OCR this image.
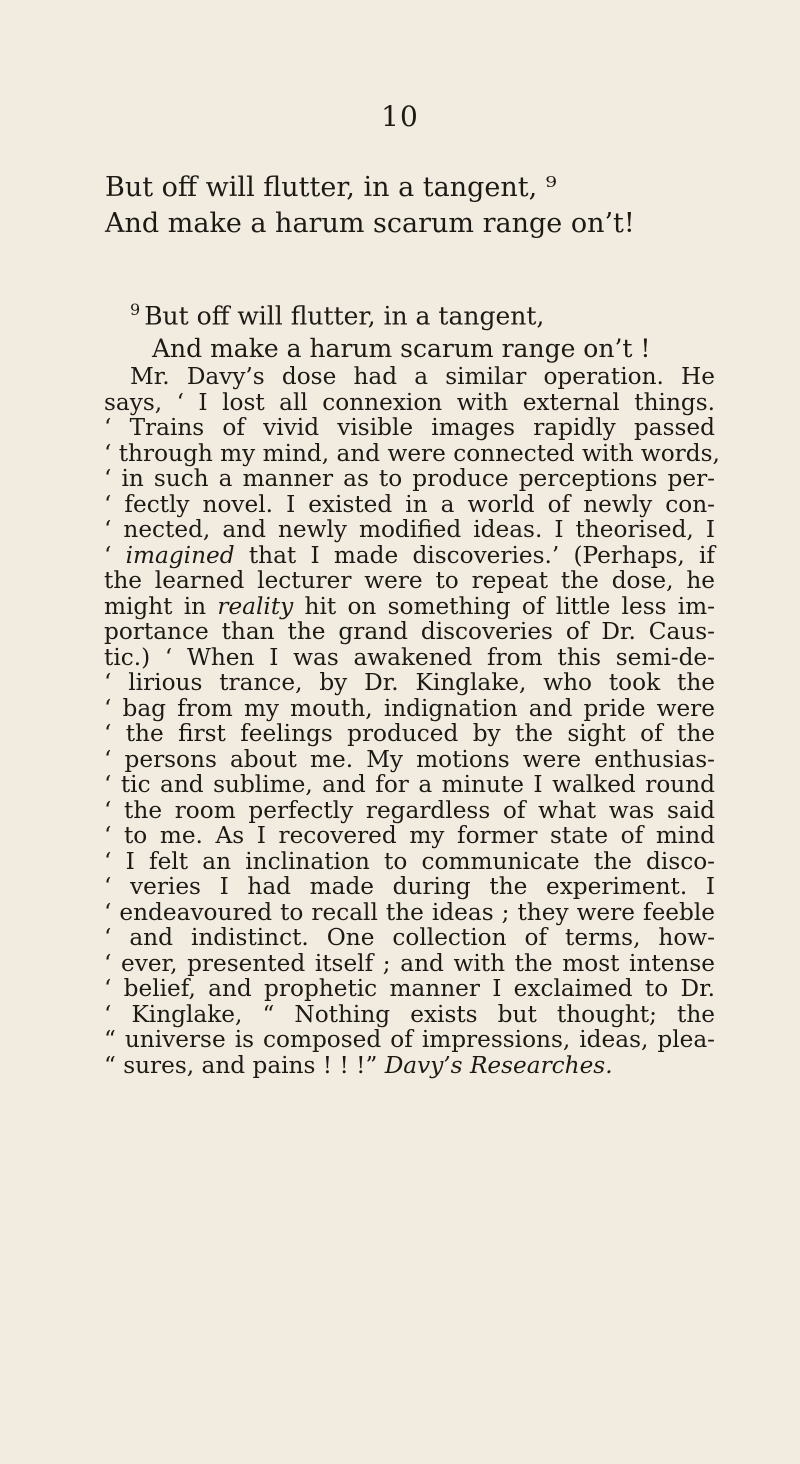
10
But off will flutter, in a tangent, ⁹
And make a harum scarum range on’t!
$^9$ But off will flutter, in a tangent,
And make a harum scarum range on’t !
Mr. Davy’s dose had a similar operation. He
says, ‘ I lost all connexion with external things.
‘ Trains of vivid visible images rapidly passed
‘ through my mind, and were connected with words,
‘ in such a manner as to produce perceptions per-
‘ fectly novel. I existed in a world of newly con-
‘ nected, and newly modified ideas. I theorised, I
‘ imagined that I made discoveries.’ (Perhaps, if
the learned lecturer were to repeat the dose, he
might in reality hit on something of little less im-
portance than the grand discoveries of Dr. Caus-
tic.) ‘ When I was awakened from this semi-de-
‘ lirious trance, by Dr. Kinglake, who took the
‘ bag from my mouth, indignation and pride were
‘ the first feelings produced by the sight of the
‘ persons about me. My motions were enthusias-
‘ tic and sublime, and for a minute I walked round
‘ the room perfectly regardless of what was said
‘ to me. As I recovered my former state of mind
‘ I felt an inclination to communicate the disco-
‘ veries I had made during the experiment. I
‘ endeavoured to recall the ideas ; they were feeble
‘ and indistinct. One collection of terms, how-
‘ ever, presented itself ; and with the most intense
‘ belief, and prophetic manner I exclaimed to Dr.
‘ Kinglake, “ Nothing exists but thought; the
“ universe is composed of impressions, ideas, plea-
“ sures, and pains ! ! !” Davy’s Researches.
